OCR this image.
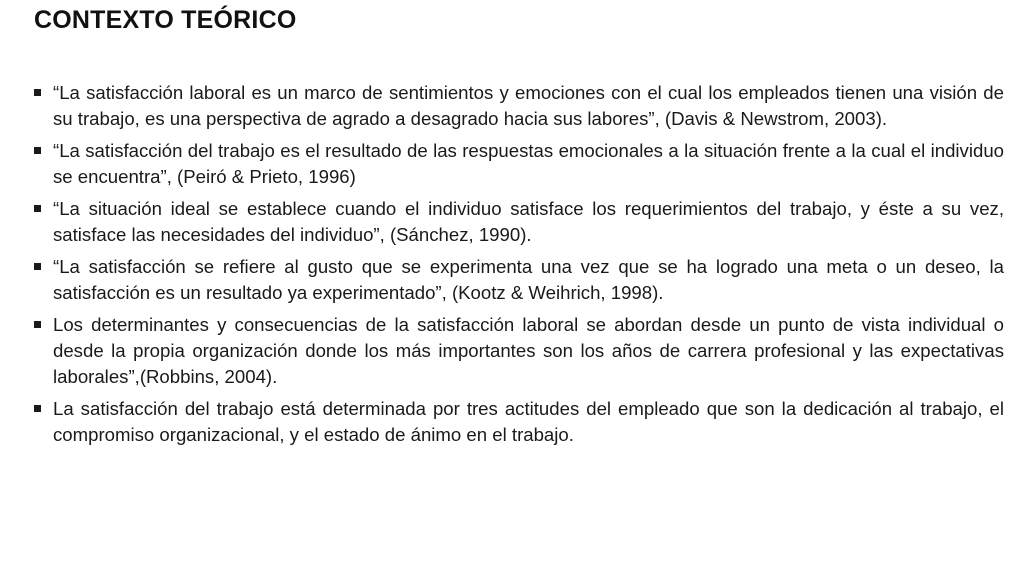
CONTEXTO TEÓRICO
“La satisfacción laboral es un marco de sentimientos y emociones con el cual los empleados tienen una visión de su trabajo, es una perspectiva de agrado a desagrado hacia sus labores”, (Davis & Newstrom, 2003).
“La satisfacción del trabajo es el resultado de las respuestas emocionales a la situación frente a la cual el individuo se encuentra”, (Peiró & Prieto, 1996)
“La situación ideal se establece cuando el individuo satisface los requerimientos del trabajo, y éste a su vez, satisface las necesidades del individuo”, (Sánchez, 1990).
“La satisfacción se refiere al gusto que se experimenta una vez que se ha logrado una meta o un deseo, la satisfacción es un resultado ya experimentado”, (Kootz & Weihrich, 1998).
Los determinantes y consecuencias de la satisfacción laboral se abordan desde un punto de vista individual o desde la propia organización donde los más importantes son los años de carrera profesional y las expectativas laborales”,(Robbins, 2004).
La satisfacción del trabajo está determinada por tres actitudes del empleado que son la dedicación al trabajo, el compromiso organizacional, y el estado de ánimo en el trabajo.
